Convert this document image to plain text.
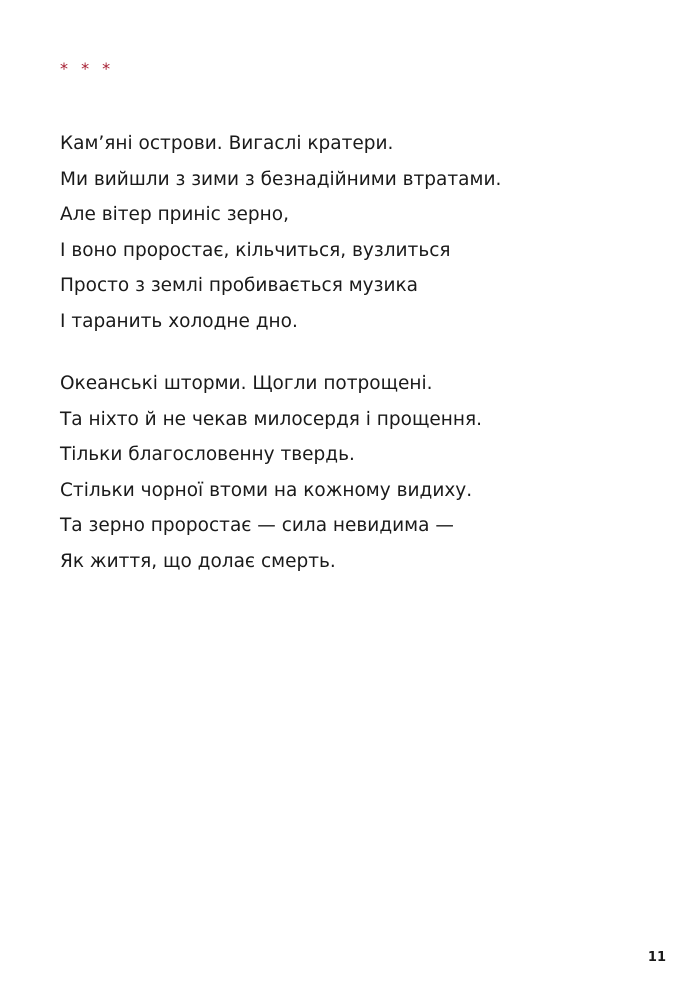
* * *
Кам’яні острови. Вигаслі кратери.
Ми вийшли з зими з безнадійними втратами.
Але вітер приніс зерно,
І воно проростає, кільчиться, вузлиться
Просто з землі пробивається музика
І таранить холодне дно.
Океанські шторми. Щогли потрощені.
Та ніхто й не чекав милосердя і прощення.
Тільки благословенну твердь.
Стільки чорної втоми на кожному видиху.
Та зерно проростає — сила невидима —
Як життя, що долає смерть.
11
